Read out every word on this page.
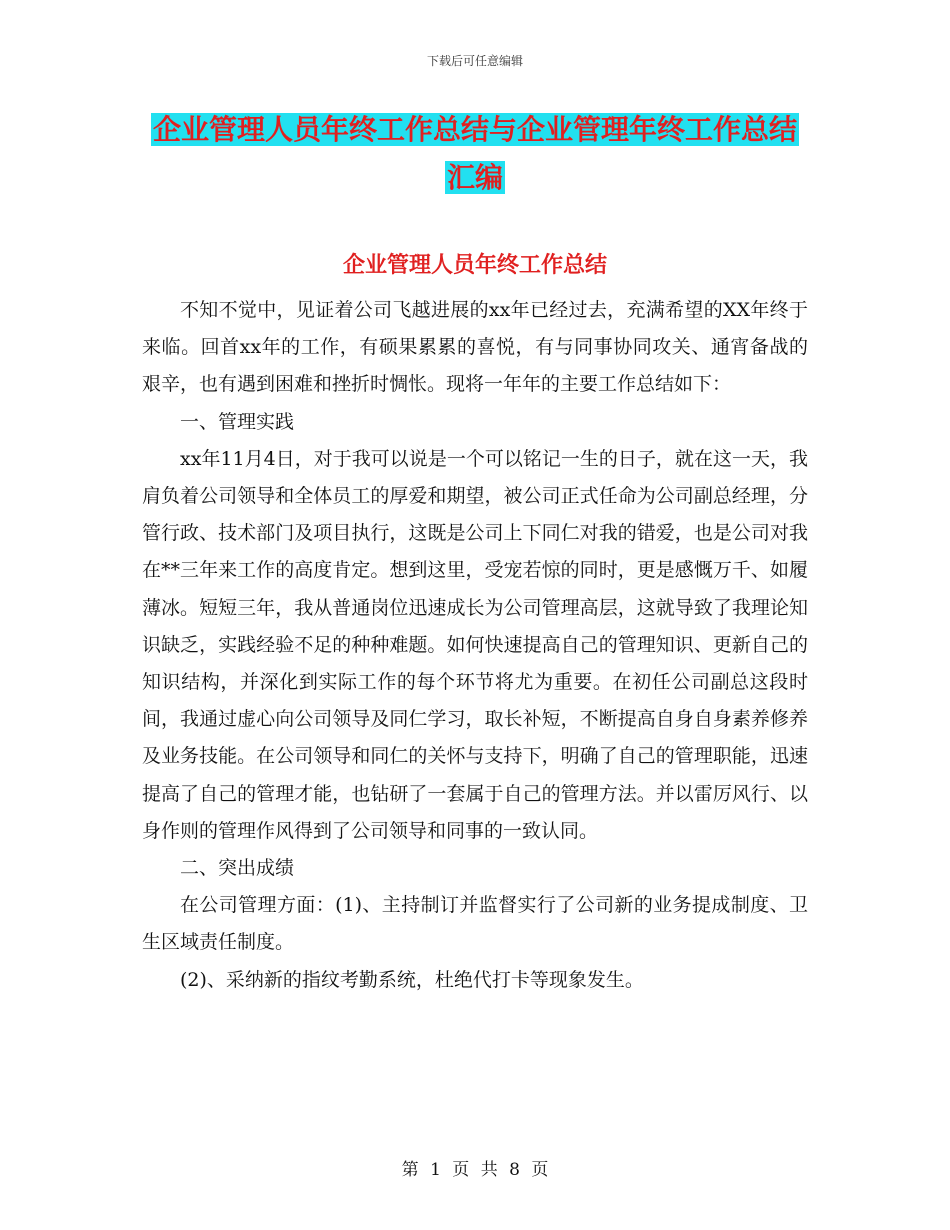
下载后可任意编辑
企业管理人员年终工作总结与企业管理年终工作总结
汇编
企业管理人员年终工作总结

不知不觉中，见证着公司飞越进展的xx年已经过去，充满希望的XX年终于来临。回首xx年的工作，有硕果累累的喜悦，有与同事协同攻关、通宵备战的艰辛，也有遇到困难和挫折时惆怅。现将一年年的主要工作总结如下：

一、管理实践

xx年11月4日，对于我可以说是一个可以铭记一生的日子，就在这一天，我肩负着公司领导和全体员工的厚爱和期望，被公司正式任命为公司副总经理，分管行政、技术部门及项目执行，这既是公司上下同仁对我的错爱，也是公司对我在**三年来工作的高度肯定。想到这里，受宠若惊的同时，更是感慨万千、如履薄冰。短短三年，我从普通岗位迅速成长为公司管理高层，这就导致了我理论知识缺乏，实践经验不足的种种难题。如何快速提高自己的管理知识、更新自己的知识结构，并深化到实际工作的每个环节将尤为重要。在初任公司副总这段时间，我通过虚心向公司领导及同仁学习，取长补短，不断提高自身自身素养修养及业务技能。在公司领导和同仁的关怀与支持下，明确了自己的管理职能，迅速提高了自己的管理才能，也钻研了一套属于自己的管理方法。并以雷厉风行、以身作则的管理作风得到了公司领导和同事的一致认同。

二、突出成绩

在公司管理方面：(1)、主持制订并监督实行了公司新的业务提成制度、卫生区域责任制度。

(2)、采纳新的指纹考勤系统，杜绝代打卡等现象发生。

第 1 页 共 8 页
